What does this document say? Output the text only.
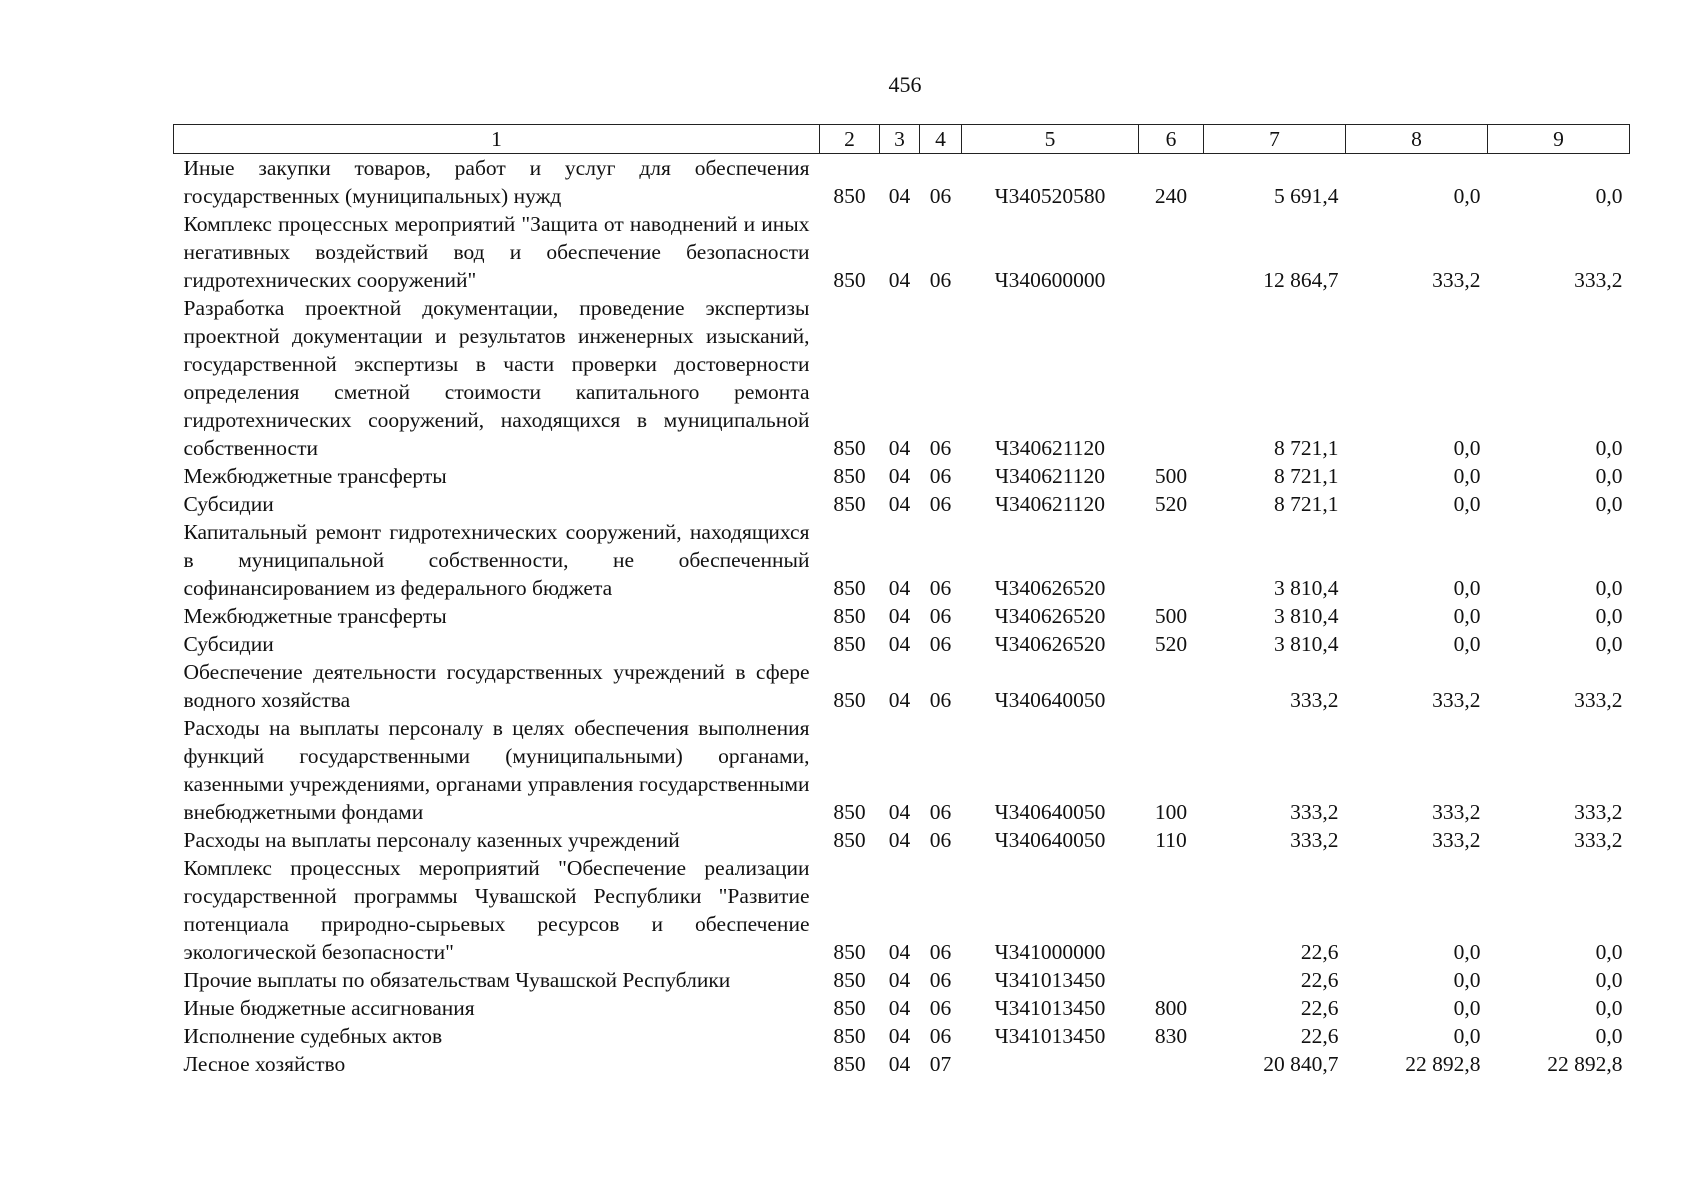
456
1	2	3	4	5	6	7	8	9
Иные закупки товаров, работ и услуг для обеспечения государственных (муниципальных) нужд	850	04	06	Ч340520580	240	5 691,4	0,0	0,0
Комплекс процессных мероприятий "Защита от наводнений и иных негативных воздействий вод и обеспечение безопасности гидротехнических сооружений"	850	04	06	Ч340600000		12 864,7	333,2	333,2
Разработка проектной документации, проведение экспертизы проектной документации и результатов инженерных изысканий, государственной экспертизы в части проверки достоверности определения сметной стоимости капитального ремонта гидротехнических сооружений, находящихся в муниципальной собственности	850	04	06	Ч340621120		8 721,1	0,0	0,0
Межбюджетные трансферты	850	04	06	Ч340621120	500	8 721,1	0,0	0,0
Субсидии	850	04	06	Ч340621120	520	8 721,1	0,0	0,0
Капитальный ремонт гидротехнических сооружений, находящихся в муниципальной собственности, не обеспеченный софинансированием из федерального бюджета	850	04	06	Ч340626520		3 810,4	0,0	0,0
Межбюджетные трансферты	850	04	06	Ч340626520	500	3 810,4	0,0	0,0
Субсидии	850	04	06	Ч340626520	520	3 810,4	0,0	0,0
Обеспечение деятельности государственных учреждений в сфере водного хозяйства	850	04	06	Ч340640050		333,2	333,2	333,2
Расходы на выплаты персоналу в целях обеспечения выполнения функций государственными (муниципальными) органами, казенными учреждениями, органами управления государственными внебюджетными фондами	850	04	06	Ч340640050	100	333,2	333,2	333,2
Расходы на выплаты персоналу казенных учреждений	850	04	06	Ч340640050	110	333,2	333,2	333,2
Комплекс процессных мероприятий "Обеспечение реализации государственной программы Чувашской Республики "Развитие потенциала природно-сырьевых ресурсов и обеспечение экологической безопасности"	850	04	06	Ч341000000		22,6	0,0	0,0
Прочие выплаты по обязательствам Чувашской Республики	850	04	06	Ч341013450		22,6	0,0	0,0
Иные бюджетные ассигнования	850	04	06	Ч341013450	800	22,6	0,0	0,0
Исполнение судебных актов	850	04	06	Ч341013450	830	22,6	0,0	0,0
Лесное хозяйство	850	04	07			20 840,7	22 892,8	22 892,8
